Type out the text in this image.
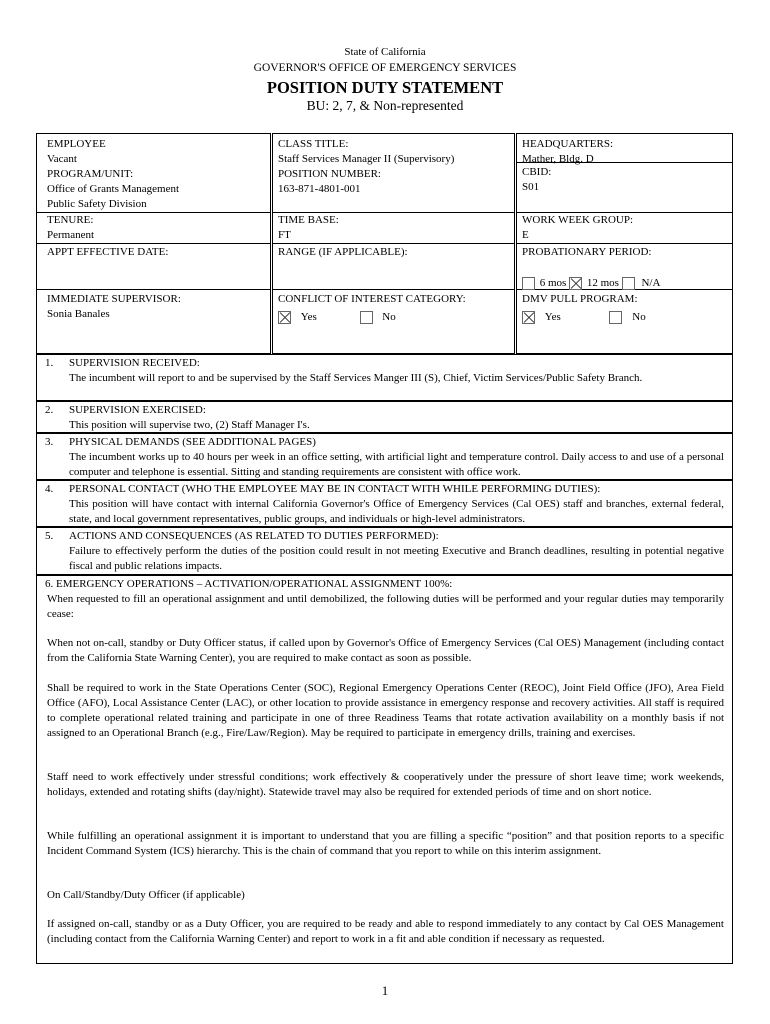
State of California
GOVERNOR'S OFFICE OF EMERGENCY SERVICES
POSITION DUTY STATEMENT
BU: 2, 7, & Non-represented
EMPLOYEE
Vacant
PROGRAM/UNIT:
Office of Grants Management
Public Safety Division
TENURE:
Permanent
APPT EFFECTIVE DATE:
IMMEDIATE SUPERVISOR:
Sonia Banales
CLASS TITLE:
Staff Services Manager II (Supervisory)
POSITION NUMBER:
163-871-4801-001
TIME BASE:
FT
RANGE (IF APPLICABLE):
CONFLICT OF INTEREST CATEGORY:
Yes	No
HEADQUARTERS:
Mather, Bldg. D
CBID:
S01
WORK WEEK GROUP:
E
PROBATIONARY PERIOD:
6 mos 12 mos N/A
DMV PULL PROGRAM:
Yes	No
1. SUPERVISION RECEIVED:
The incumbent will report to and be supervised by the Staff Services Manger III (S), Chief, Victim Services/Public Safety Branch.
2. SUPERVISION EXERCISED:
This position will supervise two, (2) Staff Manager I's.
3. PHYSICAL DEMANDS (SEE ADDITIONAL PAGES)
The incumbent works up to 40 hours per week in an office setting, with artificial light and temperature control. Daily access to and use of a personal computer and telephone is essential. Sitting and standing requirements are consistent with office work.
4. PERSONAL CONTACT (WHO THE EMPLOYEE MAY BE IN CONTACT WITH WHILE PERFORMING DUTIES):
This position will have contact with internal California Governor's Office of Emergency Services (Cal OES) staff and branches, external federal, state, and local government representatives, public groups, and individuals or high-level administrators.
5. ACTIONS AND CONSEQUENCES (AS RELATED TO DUTIES PERFORMED):
Failure to effectively perform the duties of the position could result in not meeting Executive and Branch deadlines, resulting in potential negative fiscal and public relations impacts.
6. EMERGENCY OPERATIONS – ACTIVATION/OPERATIONAL ASSIGNMENT 100%:
When requested to fill an operational assignment and until demobilized, the following duties will be performed and your regular duties may temporarily cease:
When not on-call, standby or Duty Officer status, if called upon by Governor's Office of Emergency Services (Cal OES) Management (including contact from the California State Warning Center), you are required to make contact as soon as possible.
Shall be required to work in the State Operations Center (SOC), Regional Emergency Operations Center (REOC), Joint Field Office (JFO), Area Field Office (AFO), Local Assistance Center (LAC), or other location to provide assistance in emergency response and recovery activities. All staff is required to complete operational related training and participate in one of three Readiness Teams that rotate activation availability on a monthly basis if not assigned to an Operational Branch (e.g., Fire/Law/Region). May be required to participate in emergency drills, training and exercises.
Staff need to work effectively under stressful conditions; work effectively & cooperatively under the pressure of short leave time; work weekends, holidays, extended and rotating shifts (day/night). Statewide travel may also be required for extended periods of time and on short notice.
While fulfilling an operational assignment it is important to understand that you are filling a specific “position” and that position reports to a specific Incident Command System (ICS) hierarchy. This is the chain of command that you report to while on this interim assignment.
On Call/Standby/Duty Officer (if applicable)
If assigned on-call, standby or as a Duty Officer, you are required to be ready and able to respond immediately to any contact by Cal OES Management (including contact from the California Warning Center) and report to work in a fit and able condition if necessary as requested.
1
